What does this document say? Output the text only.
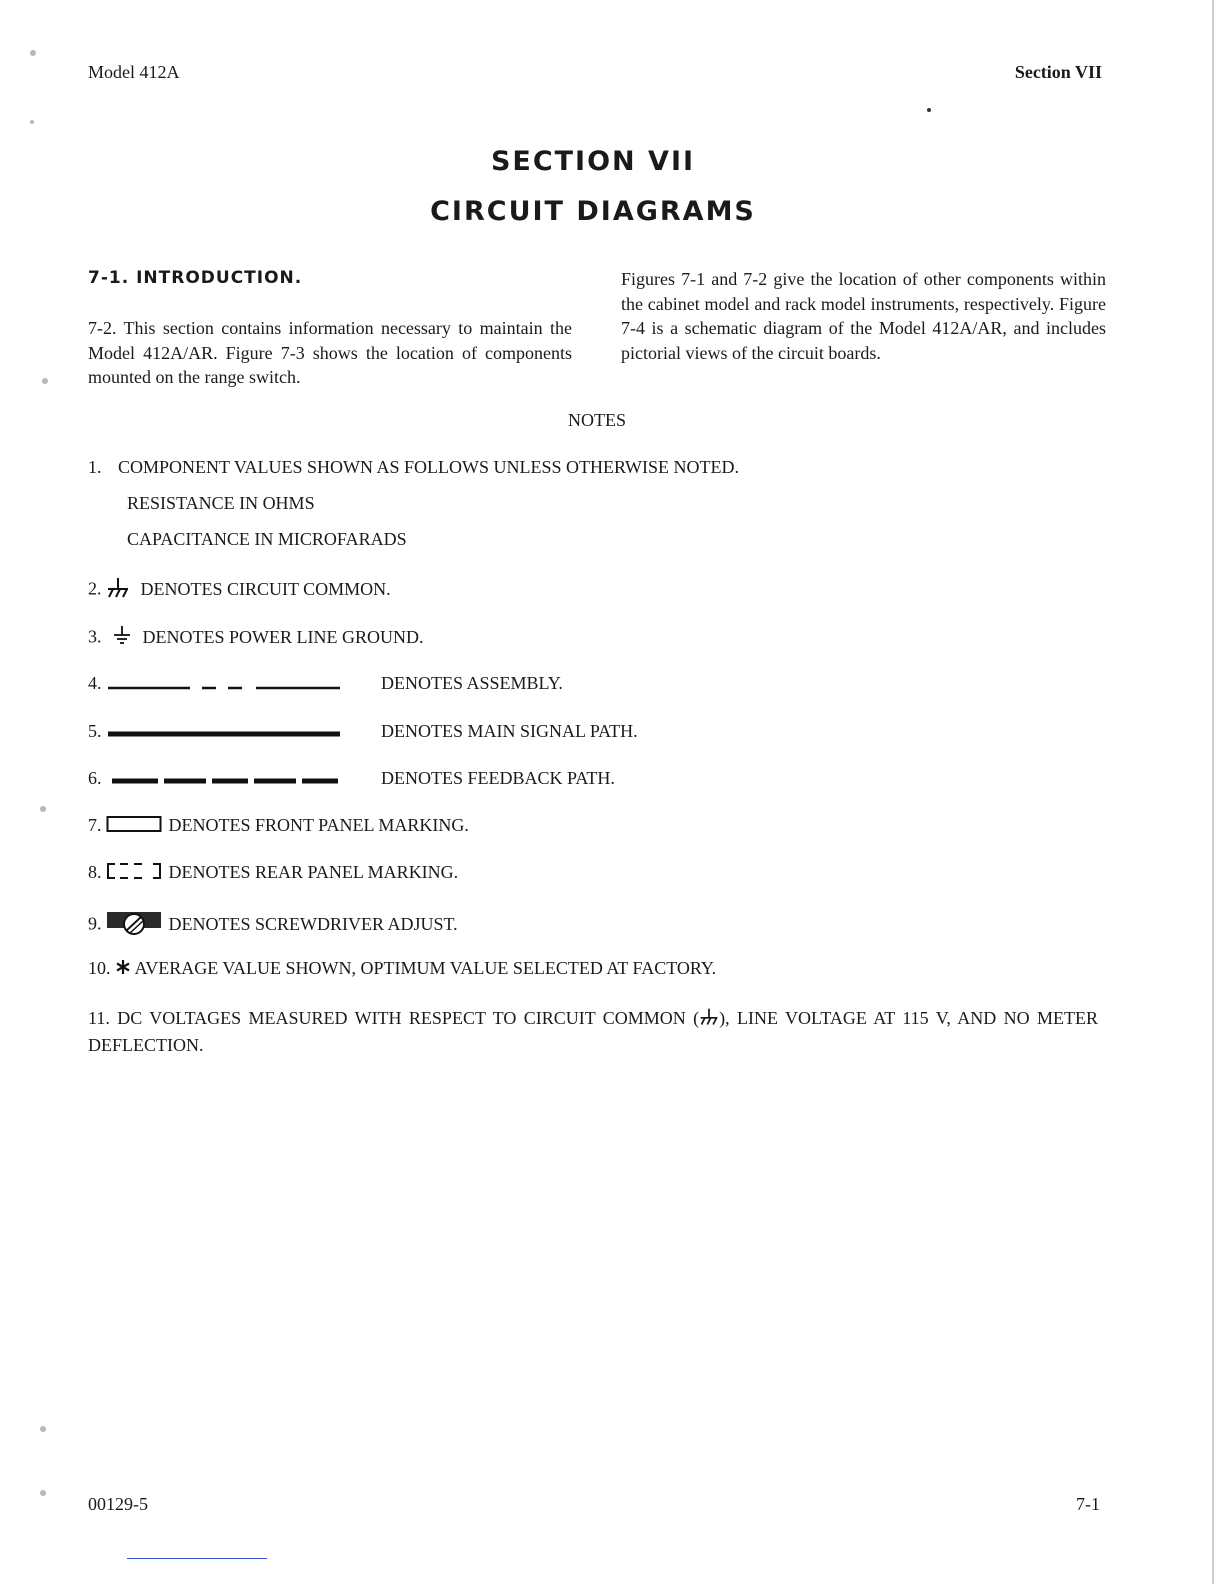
Model 412A	Section VII
SECTION VII
CIRCUIT DIAGRAMS
7-1. INTRODUCTION.
7-2. This section contains information necessary to maintain the Model 412A/AR. Figure 7-3 shows the location of components mounted on the range switch.
Figures 7-1 and 7-2 give the location of other components within the cabinet model and rack model instruments, respectively. Figure 7-4 is a schematic diagram of the Model 412A/AR, and includes pictorial views of the circuit boards.
NOTES
1. COMPONENT VALUES SHOWN AS FOLLOWS UNLESS OTHERWISE NOTED.
RESISTANCE IN OHMS
CAPACITANCE IN MICROFARADS
2. DENOTES CIRCUIT COMMON.
3. DENOTES POWER LINE GROUND.
4.	DENOTES ASSEMBLY.
5.	DENOTES MAIN SIGNAL PATH.
6.	DENOTES FEEDBACK PATH.
7.	DENOTES FRONT PANEL MARKING.
8.	DENOTES REAR PANEL MARKING.
9.	DENOTES SCREWDRIVER ADJUST.
10. AVERAGE VALUE SHOWN, OPTIMUM VALUE SELECTED AT FACTORY.
11. DC VOLTAGES MEASURED WITH RESPECT TO CIRCUIT COMMON ( ), LINE VOLTAGE AT 115 V, AND NO METER DEFLECTION.
00129-5	7-1
